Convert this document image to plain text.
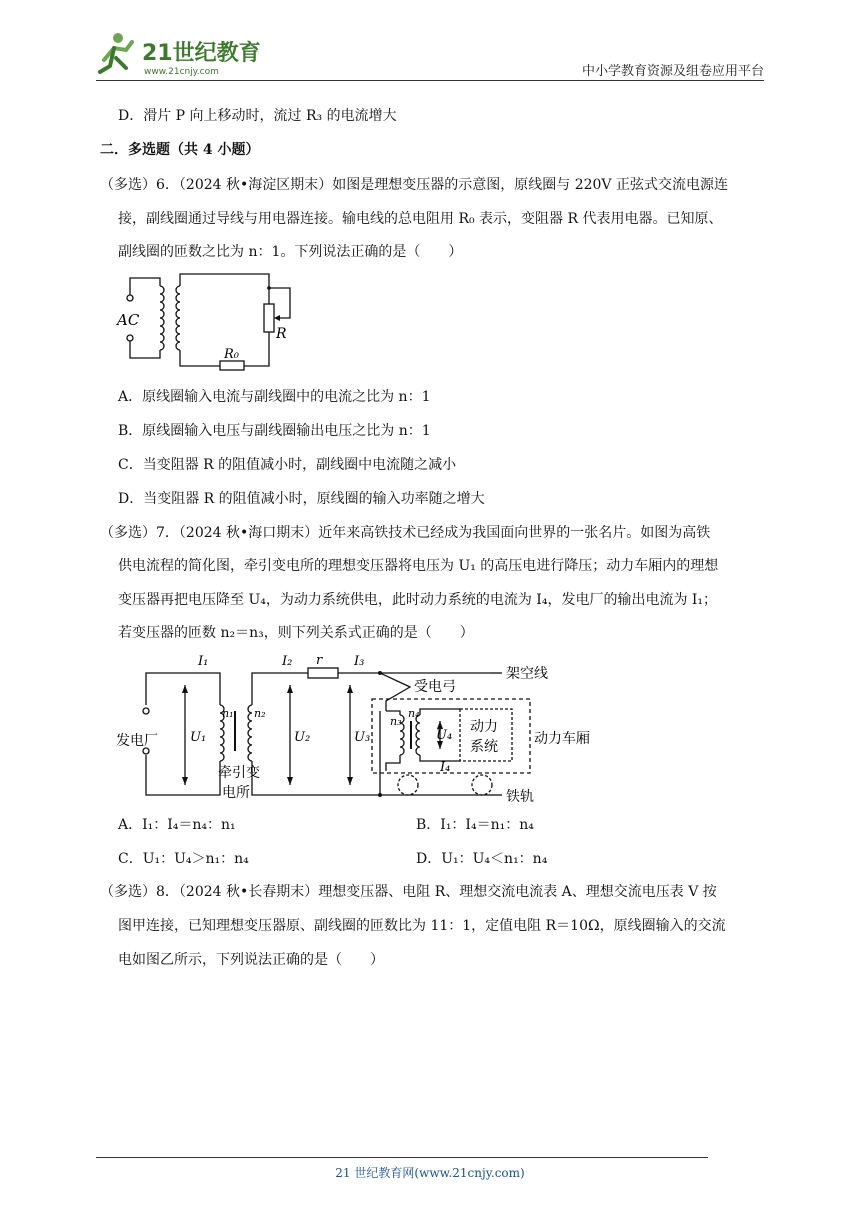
21世纪教育
www.21cnjy.com	中小学教育资源及组卷应用平台
D．滑片 P 向上移动时，流过 R₃ 的电流增大
二．多选题（共 4 小题）
（多选）6．（2024 秋•海淀区期末）如图是理想变压器的示意图，原线圈与 220V 正弦式交流电源连
接，副线圈通过导线与用电器连接。输电线的总电阻用 R₀ 表示，变阻器 R 代表用电器。已知原、
副线圈的匝数之比为 n：1。下列说法正确的是（　　）
AC
R
R₀
A．原线圈输入电流与副线圈中的电流之比为 n：1
B．原线圈输入电压与副线圈输出电压之比为 n：1
C．当变阻器 R 的阻值减小时，副线圈中电流随之减小
D．当变阻器 R 的阻值减小时，原线圈的输入功率随之增大
（多选）7．（2024 秋•海口期末）近年来高铁技术已经成为我国面向世界的一张名片。如图为高铁
供电流程的简化图，牵引变电所的理想变压器将电压为 U₁ 的高压电进行降压；动力车厢内的理想
变压器再把电压降至 U₄，为动力系统供电，此时动力系统的电流为 I₄，发电厂的输出电流为 I₁；
若变压器的匝数 n₂＝n₃，则下列关系式正确的是（　　）
I₁	I₂	I₃
r
I₄
U₁	U₂	U₃	U₄
n₁ n₂
n₃
n₄
发电厂
牵引变
电所
架空线
受电弓
动力
系统	动力车厢
铁轨
A．I₁：I₄＝n₄：n₁	B．I₁：I₄＝n₁：n₄
C．U₁：U₄＞n₁：n₄	D．U₁：U₄＜n₁：n₄
（多选）8．（2024 秋•长春期末）理想变压器、电阻 R、理想交流电流表 A、理想交流电压表 V 按
图甲连接，已知理想变压器原、副线圈的匝数比为 11：1，定值电阻 R＝10Ω，原线圈输入的交流
电如图乙所示，下列说法正确的是（　　）
21 世纪教育网(www.21cnjy.com)
